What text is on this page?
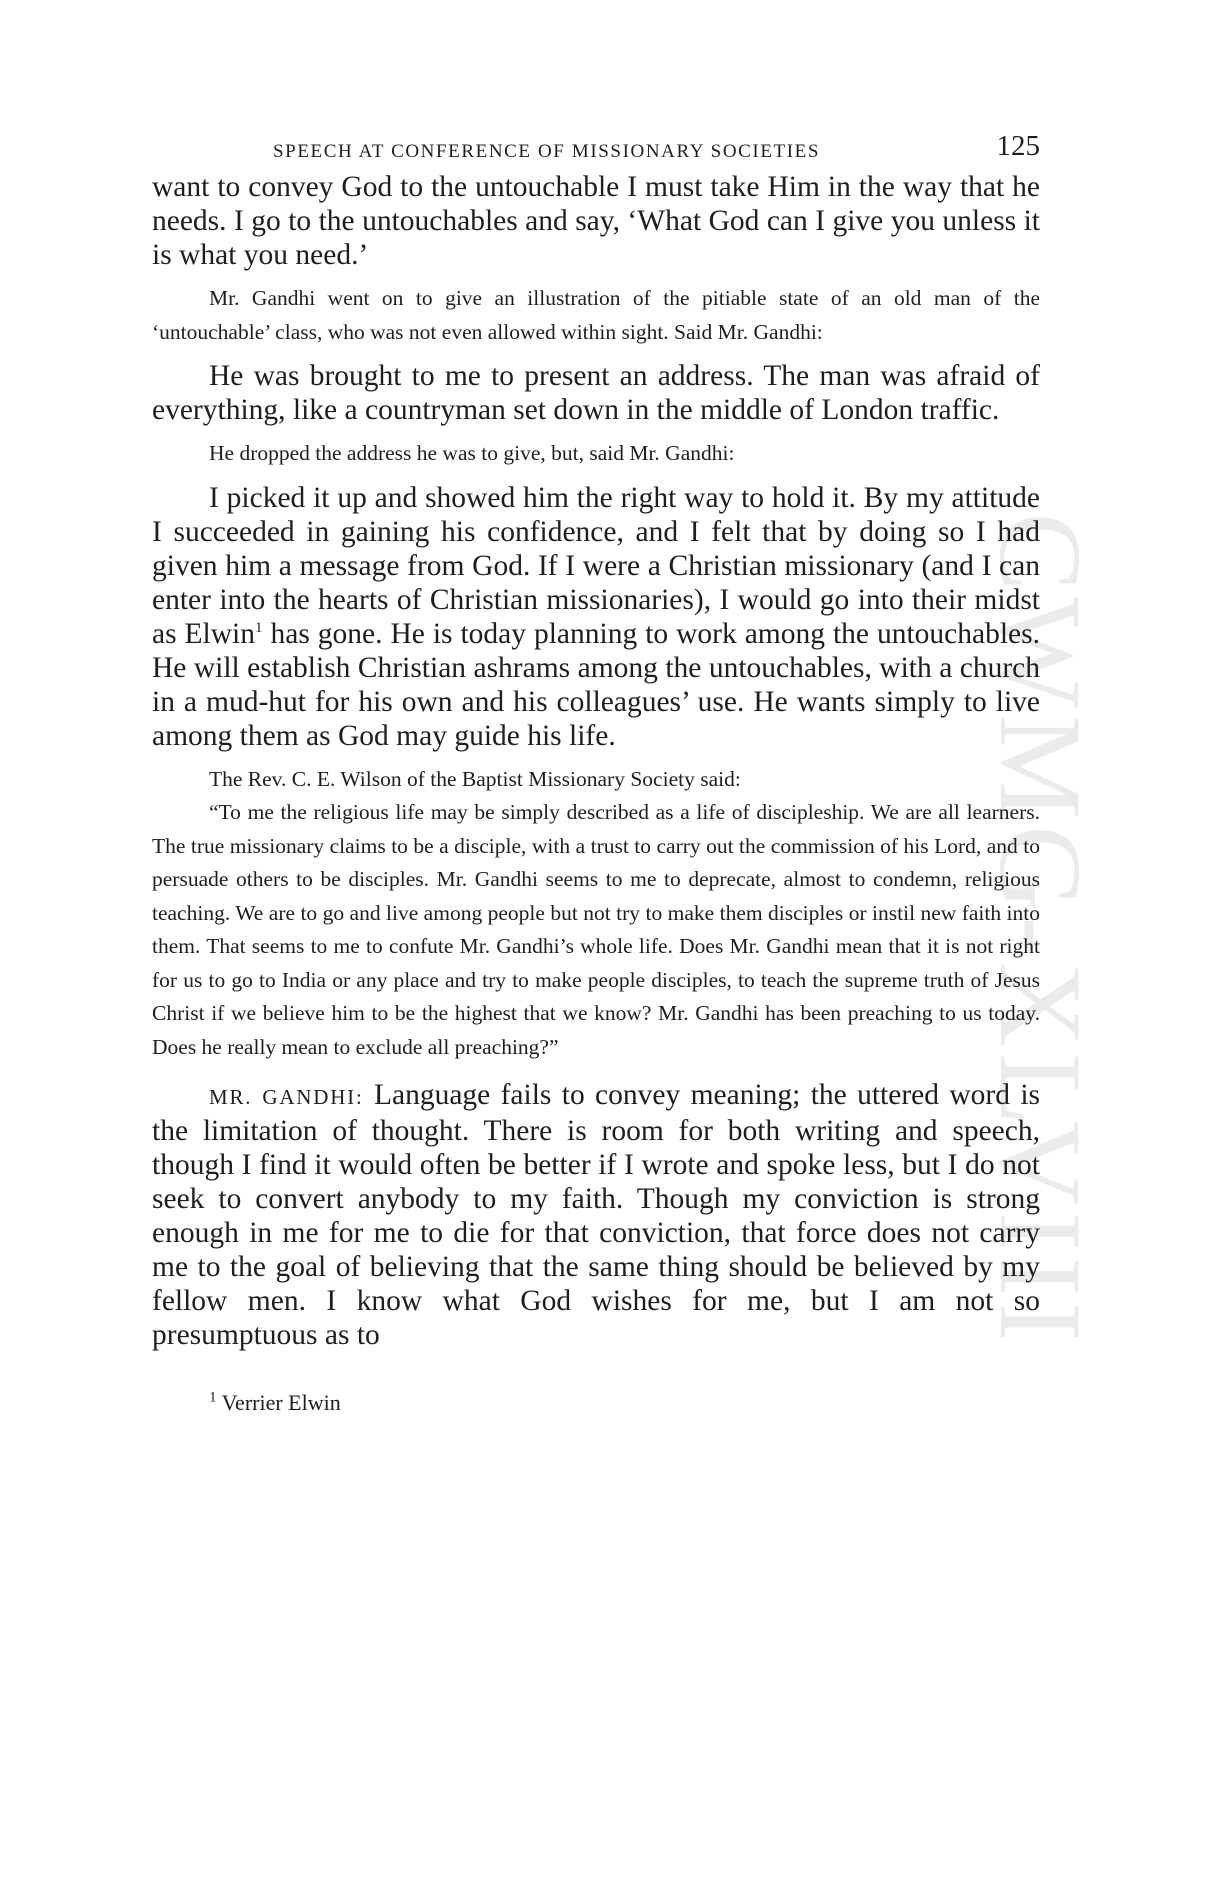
CWMG-XLVIII
SPEECH AT CONFERENCE OF MISSIONARY SOCIETIES	125

want to convey God to the untouchable I must take Him in the way that he needs. I go to the untouchables and say, ‘What God can I give you unless it is what you need.’

Mr. Gandhi went on to give an illustration of the pitiable state of an old man of the ‘untouchable’ class, who was not even allowed within sight. Said Mr. Gandhi:

He was brought to me to present an address. The man was afraid of everything, like a countryman set down in the middle of London traffic.

He dropped the address he was to give, but, said Mr. Gandhi:

I picked it up and showed him the right way to hold it. By my attitude I succeeded in gaining his confidence, and I felt that by doing so I had given him a message from God. If I were a Christian missionary (and I can enter into the hearts of Christian missionaries), I would go into their midst as Elwin$^1$ has gone. He is today planning to work among the untouchables. He will establish Christian ashrams among the untouchables, with a church in a mud-hut for his own and his colleagues’ use. He wants simply to live among them as God may guide his life.

The Rev. C. E. Wilson of the Baptist Missionary Society said:

“To me the religious life may be simply described as a life of discipleship. We are all learners. The true missionary claims to be a disciple, with a trust to carry out the commission of his Lord, and to persuade others to be disciples. Mr. Gandhi seems to me to deprecate, almost to condemn, religious teaching. We are to go and live among people but not try to make them disciples or instil new faith into them. That seems to me to confute Mr. Gandhi’s whole life. Does Mr. Gandhi mean that it is not right for us to go to India or any place and try to make people disciples, to teach the supreme truth of Jesus Christ if we believe him to be the highest that we know? Mr. Gandhi has been preaching to us today. Does he really mean to exclude all preaching?”

MR. GANDHI: Language fails to convey meaning; the uttered word is the limitation of thought. There is room for both writing and speech, though I find it would often be better if I wrote and spoke less, but I do not seek to convert anybody to my faith. Though my conviction is strong enough in me for me to die for that conviction, that force does not carry me to the goal of believing that the same thing should be believed by my fellow men. I know what God wishes for me, but I am not so presumptuous as to

$^1$ Verrier Elwin
